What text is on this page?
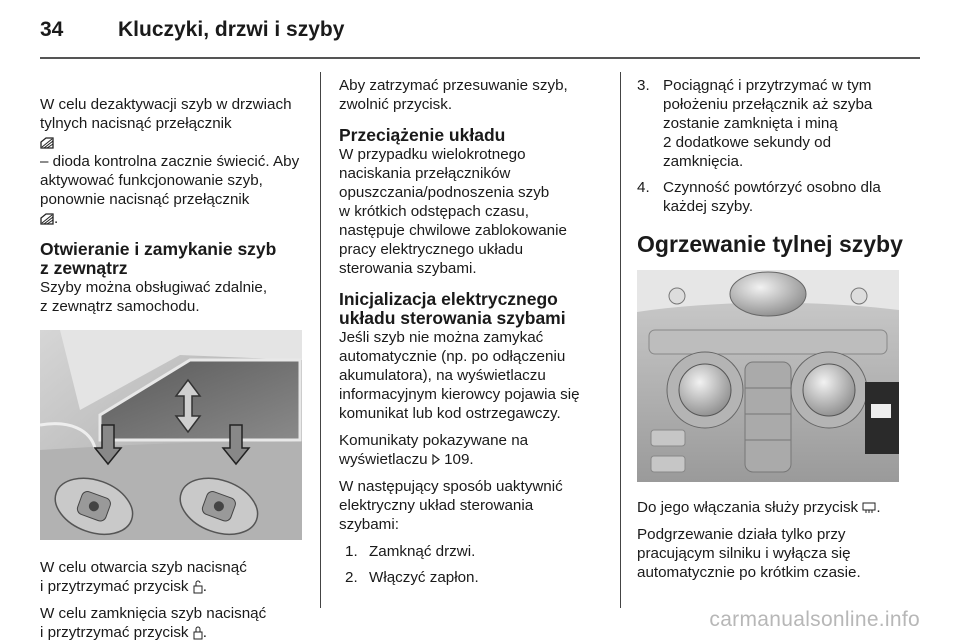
34	Kluczyki, drzwi i szyby

W celu dezaktywacji szyb w drzwiach tylnych nacisnąć przełącznik

– dioda kontrolna zacznie świecić. Aby aktywować funkcjonowanie szyb, ponownie nacisnąć przełącznik
.

Otwieranie i zamykanie szyb
z zewnątrz

Szyby można obsługiwać zdalnie,
z zewnątrz samochodu.

W celu otwarcia szyb nacisnąć
i przytrzymać przycisk .

W celu zamknięcia szyb nacisnąć
i przytrzymać przycisk .

Aby zatrzymać przesuwanie szyb, zwolnić przycisk.

Przeciążenie układu

W przypadku wielokrotnego
naciskania przełączników
opuszczania/podnoszenia szyb
w krótkich odstępach czasu,
następuje chwilowe zablokowanie
pracy elektrycznego układu
sterowania szybami.

Inicjalizacja elektrycznego
układu sterowania szybami

Jeśli szyb nie można zamykać automatycznie (np. po odłączeniu akumulatora), na wyświetlaczu informacyjnym kierowcy pojawia się komunikat lub kod ostrzegawczy.

Komunikaty pokazywane na
wyświetlaczu 109.

W następujący sposób uaktywnić
elektryczny układ sterowania
szybami:

1. Zamknąć drzwi.
2. Włączyć zapłon.
3. Pociągnąć i przytrzymać w tym
położeniu przełącznik aż szyba
zostanie zamknięta i miną
2 dodatkowe sekundy od
zamknięcia.
4. Czynność powtórzyć osobno dla
każdej szyby.
Ogrzewanie tylnej szyby

Do jego włączania służy przycisk .

Podgrzewanie działa tylko przy
pracującym silniku i wyłącza się
automatycznie po krótkim czasie.

carmanualsonline.info
